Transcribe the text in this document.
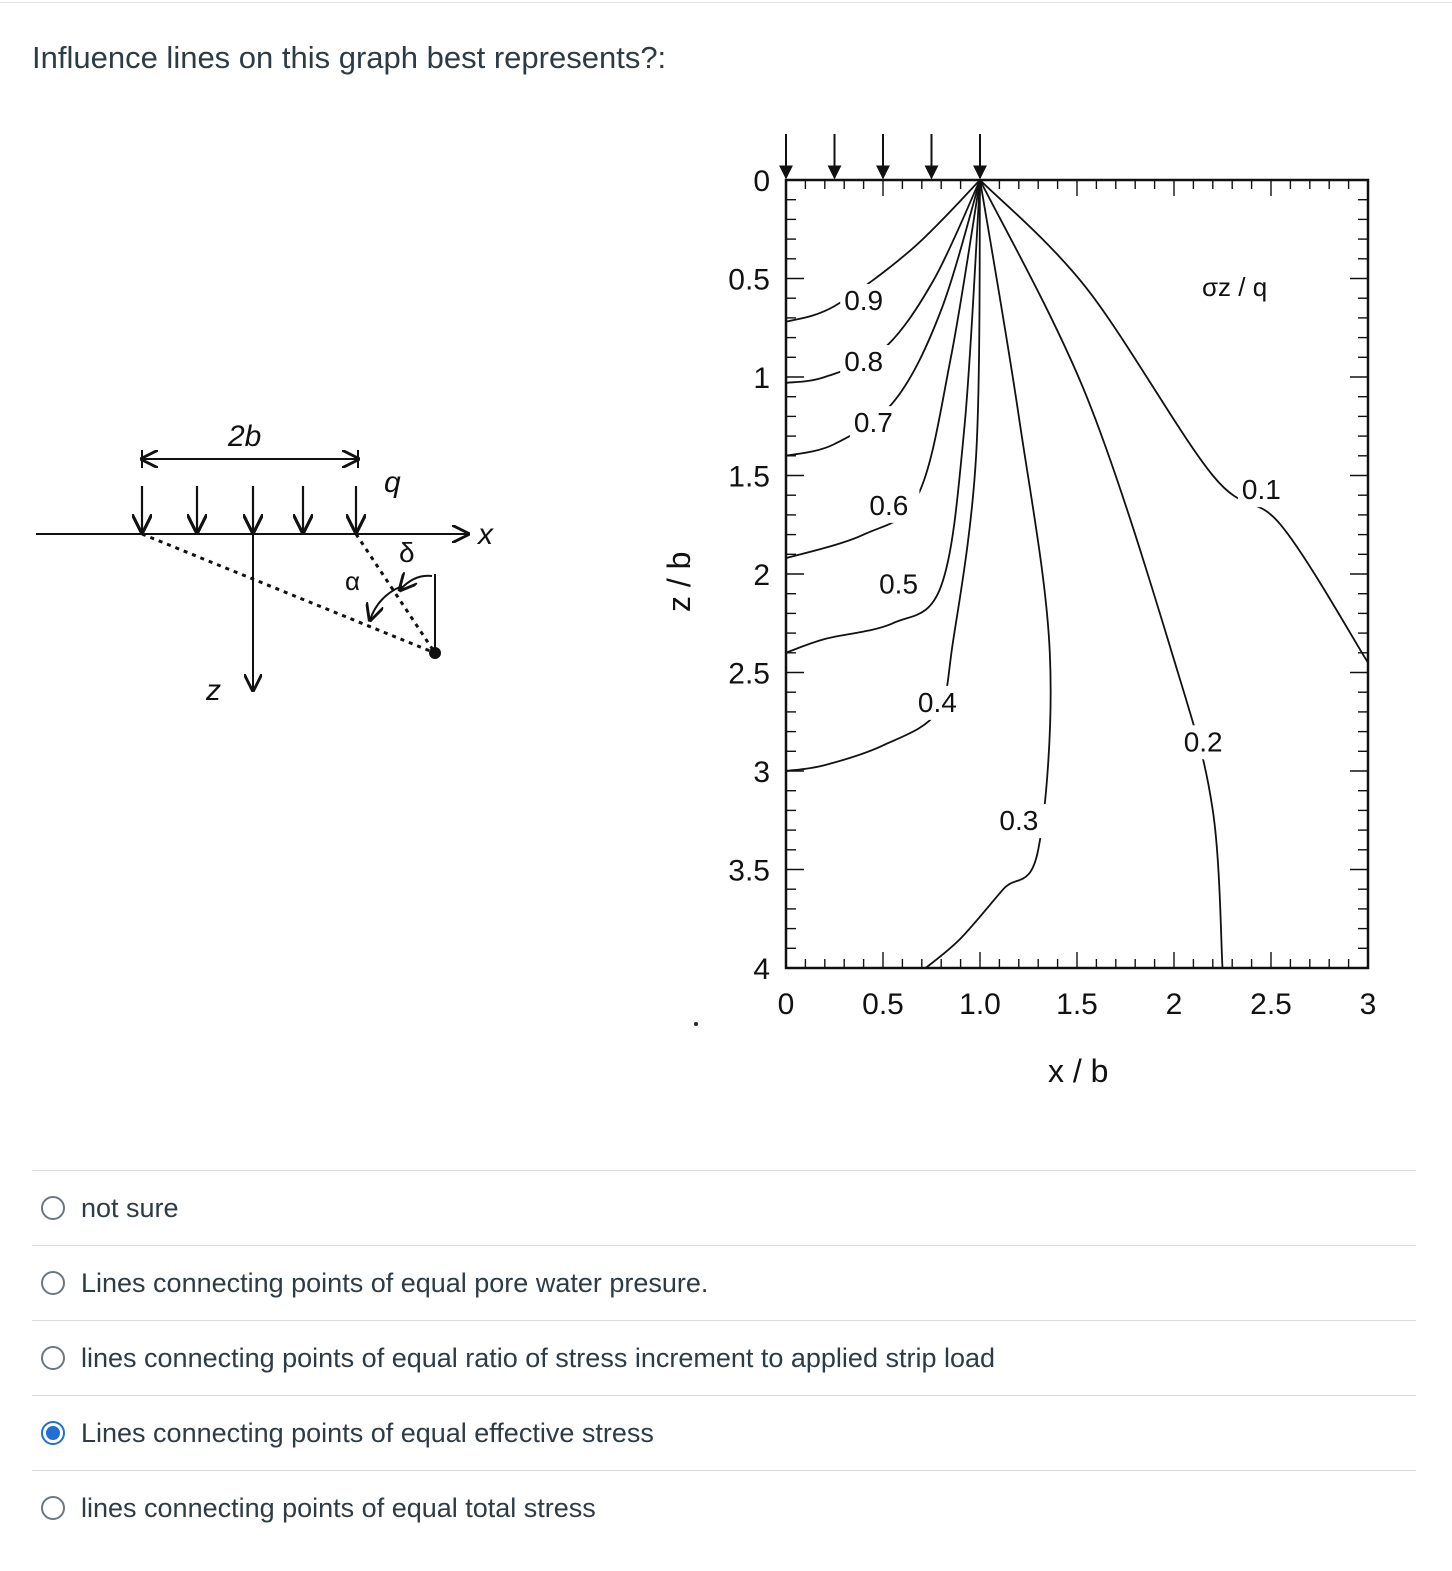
Influence lines on this graph best represents?:
2b
q
x
z
α
δ
0.9
0.8
0.7
0.6
0.5
0.4
0.3
0.2
0.1
0
0.5
1
1.5
2
2.5
3
3.5
4
0 0.5 1.0 1.5 2 2.5 3
σz / q
x / b
z / b
not sure
Lines connecting points of equal pore water presure.
lines connecting points of equal ratio of stress increment to applied strip load
Lines connecting points of equal effective stress
lines connecting points of equal total stress
